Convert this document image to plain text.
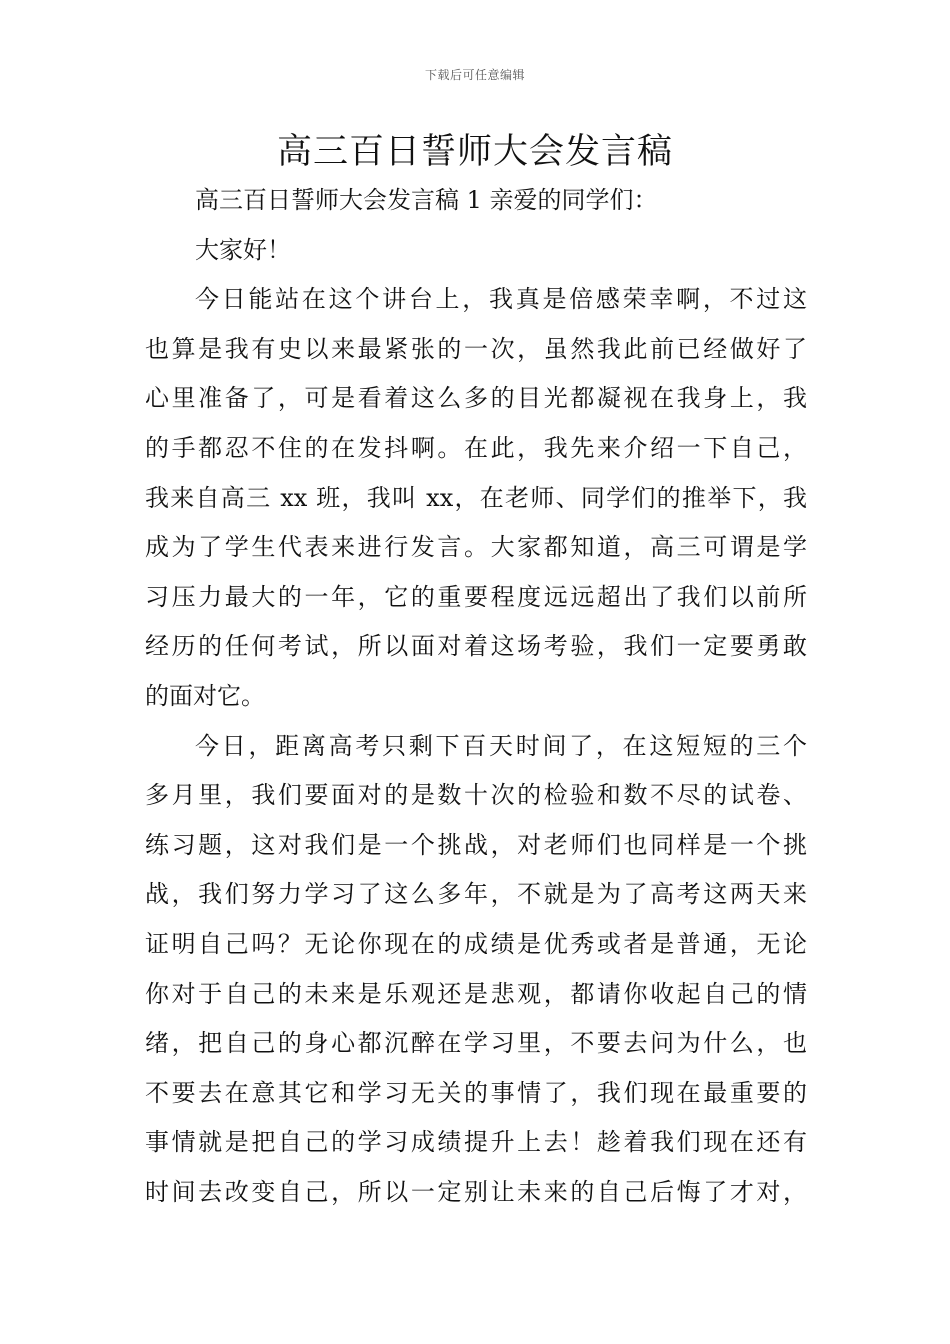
下载后可任意编辑
高三百日誓师大会发言稿
高三百日誓师大会发言稿 1 亲爱的同学们：
大家好！
今日能站在这个讲台上，我真是倍感荣幸啊，不过这
也算是我有史以来最紧张的一次，虽然我此前已经做好了
心里准备了，可是看着这么多的目光都凝视在我身上，我
的手都忍不住的在发抖啊。在此，我先来介绍一下自己，
我来自高三 xx 班，我叫 xx，在老师、同学们的推举下，我
成为了学生代表来进行发言。大家都知道，高三可谓是学
习压力最大的一年，它的重要程度远远超出了我们以前所
经历的任何考试，所以面对着这场考验，我们一定要勇敢
的面对它。
今日，距离高考只剩下百天时间了，在这短短的三个
多月里，我们要面对的是数十次的检验和数不尽的试卷、
练习题，这对我们是一个挑战，对老师们也同样是一个挑
战，我们努力学习了这么多年，不就是为了高考这两天来
证明自己吗？无论你现在的成绩是优秀或者是普通，无论
你对于自己的未来是乐观还是悲观，都请你收起自己的情
绪，把自己的身心都沉醉在学习里，不要去问为什么，也
不要去在意其它和学习无关的事情了，我们现在最重要的
事情就是把自己的学习成绩提升上去！趁着我们现在还有
时间去改变自己，所以一定别让未来的自己后悔了才对，
